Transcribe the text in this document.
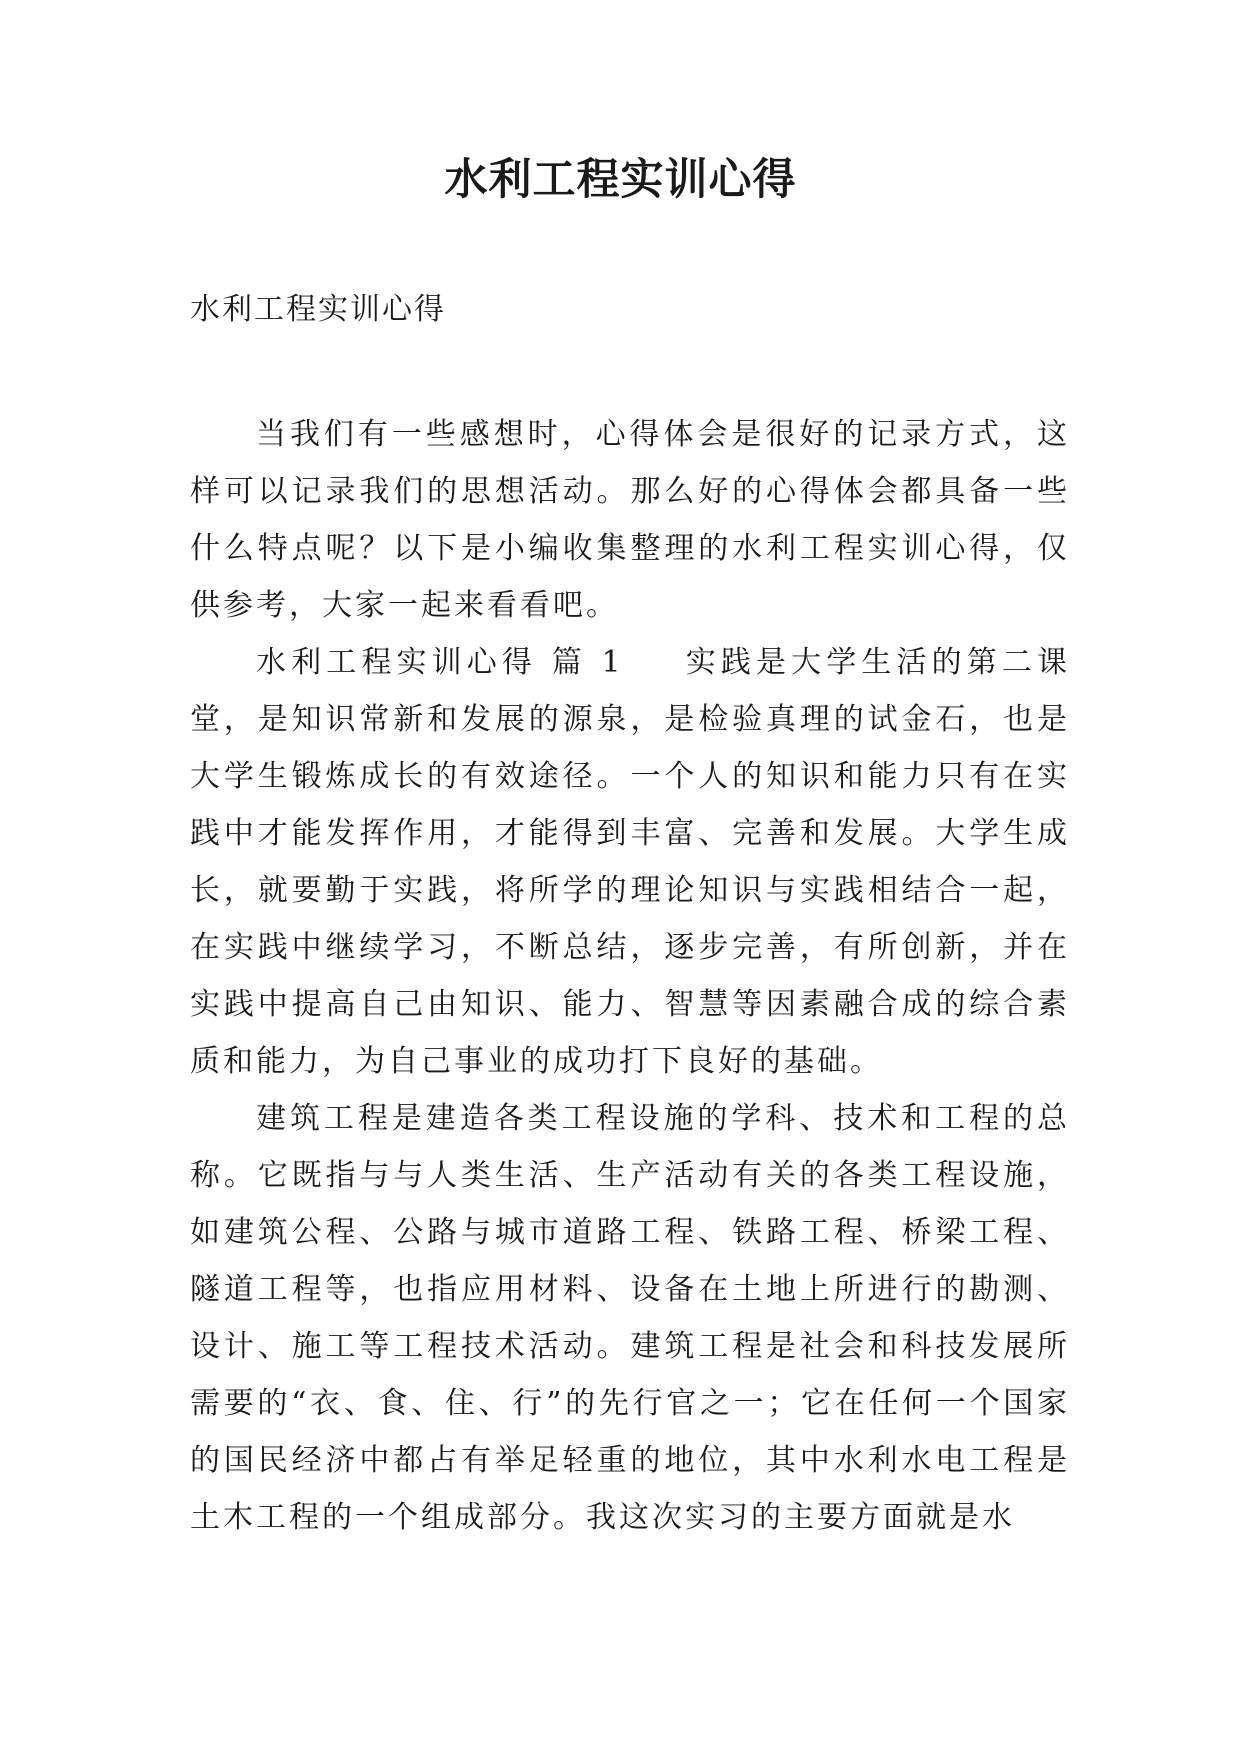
水利工程实训心得

水利工程实训心得

当我们有一些感想时，心得体会是很好的记录方式，这样可以记录我们的思想活动。那么好的心得体会都具备一些什么特点呢？以下是小编收集整理的水利工程实训心得，仅供参考，大家一起来看看吧。

水利工程实训心得 篇 1 实践是大学生活的第二课堂，是知识常新和发展的源泉，是检验真理的试金石，也是大学生锻炼成长的有效途径。一个人的知识和能力只有在实践中才能发挥作用，才能得到丰富、完善和发展。大学生成长，就要勤于实践，将所学的理论知识与实践相结合一起，在实践中继续学习，不断总结，逐步完善，有所创新，并在实践中提高自己由知识、能力、智慧等因素融合成的综合素质和能力，为自己事业的成功打下良好的基础。

建筑工程是建造各类工程设施的学科、技术和工程的总称。它既指与与人类生活、生产活动有关的各类工程设施，如建筑公程、公路与城市道路工程、铁路工程、桥梁工程、隧道工程等，也指应用材料、设备在土地上所进行的勘测、设计、施工等工程技术活动。建筑工程是社会和科技发展所需要的“衣、食、住、行”的先行官之一；它在任何一个国家的国民经济中都占有举足轻重的地位，其中水利水电工程是土木工程的一个组成部分。我这次实习的主要方面就是水
